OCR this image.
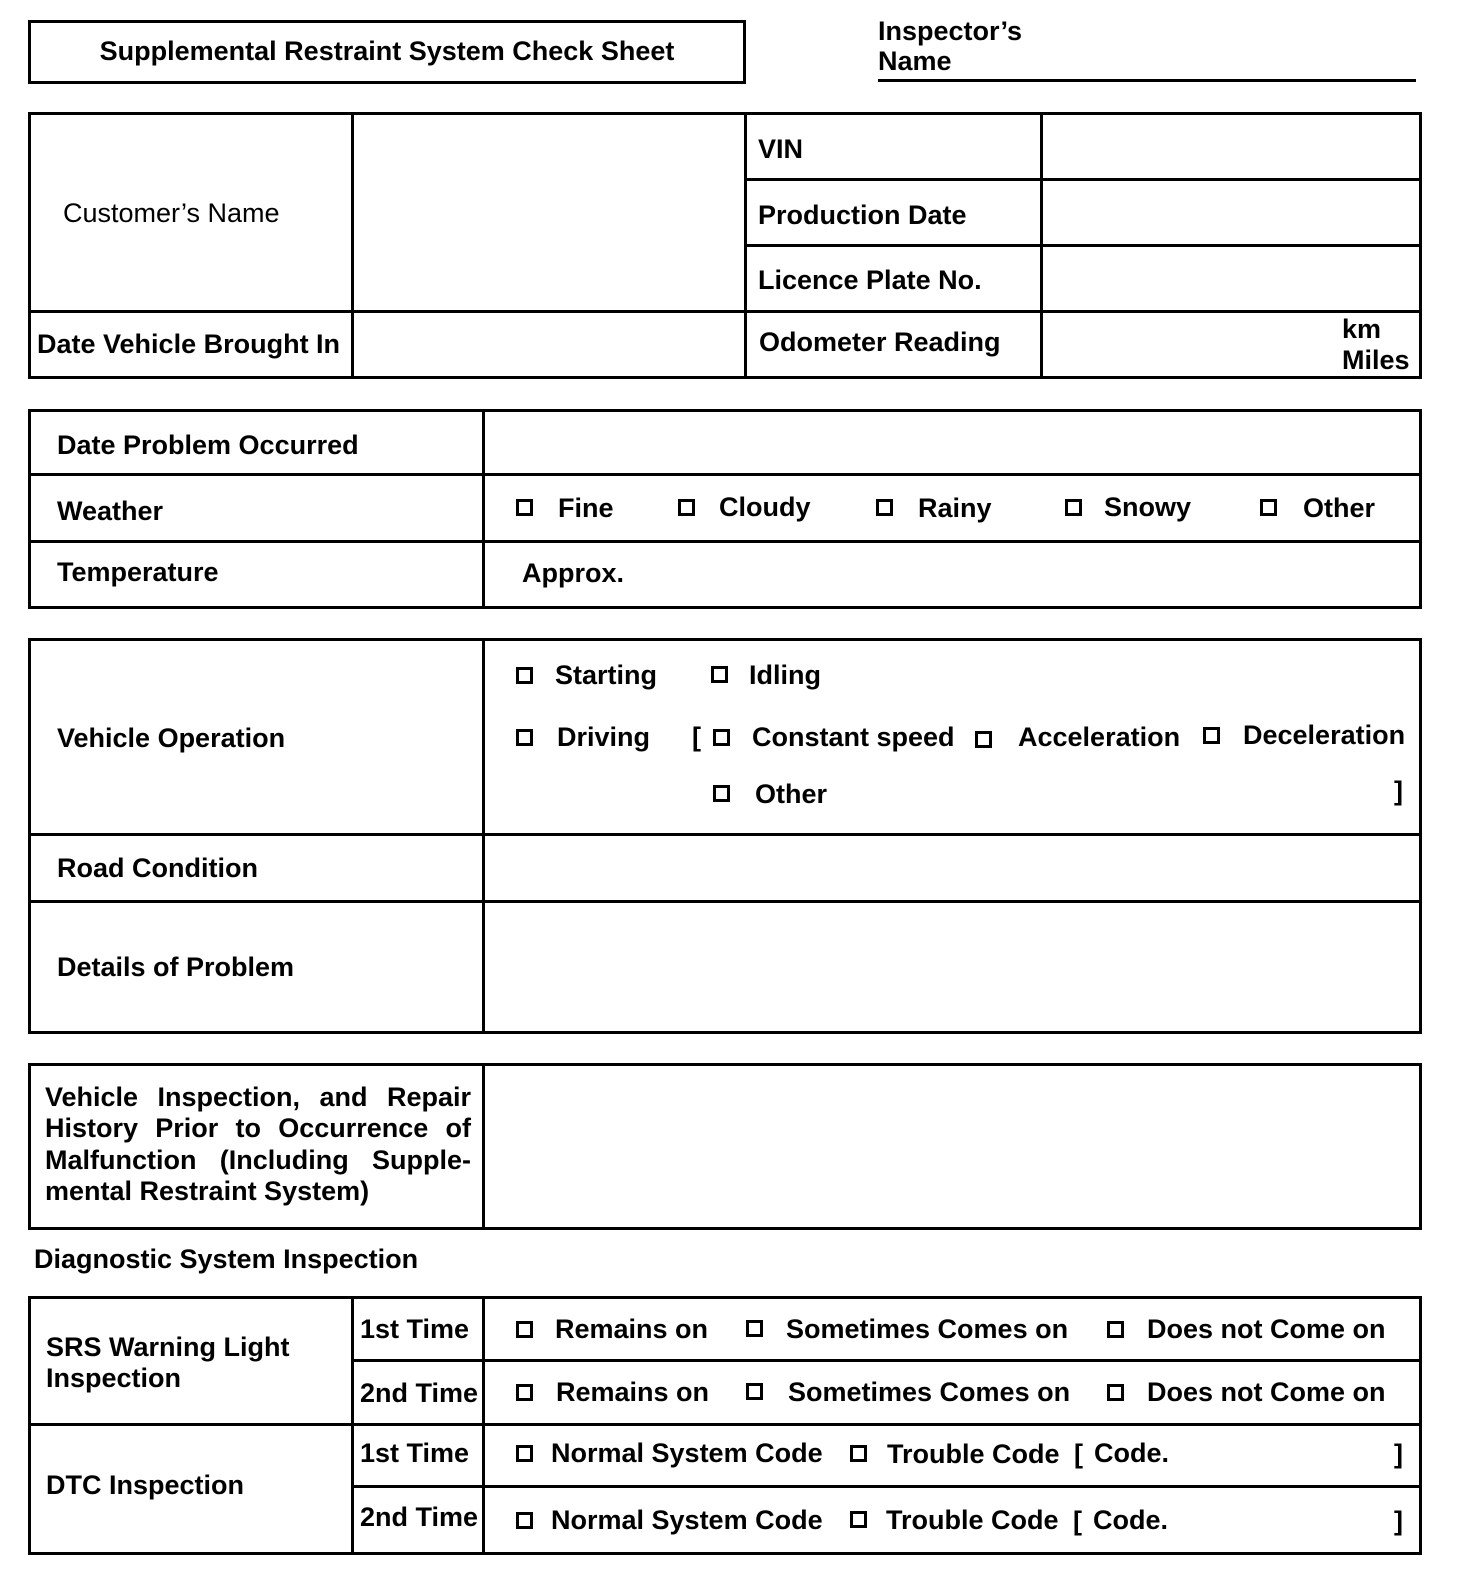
Supplemental Restraint System Check Sheet
Inspector’s
Name
Customer’s Name
VIN
Production Date
Licence Plate No.
Date Vehicle Brought In	Odometer Reading	km
Miles
Date Problem Occurred
Weather	Fine	Cloudy	Rainy	Snowy	Other
Temperature	Approx.
Vehicle Operation
Starting	Idling
Driving [ Constant speed Acceleration Deceleration
Other	]
Road Condition
Details of Problem
Vehicle Inspection, and Repair
History Prior to Occurrence of
Malfunction (Including Supple-
mental Restraint System)
Diagnostic System Inspection
SRS Warning Light
Inspection
1st Time	Remains on	Sometimes Comes on	Does not Come on
2nd Time	Remains on	Sometimes Comes on	Does not Come on
DTC Inspection
1st Time	Normal System Code Trouble Code [ Code.	]
2nd Time	Normal System Code Trouble Code [ Code.	]
